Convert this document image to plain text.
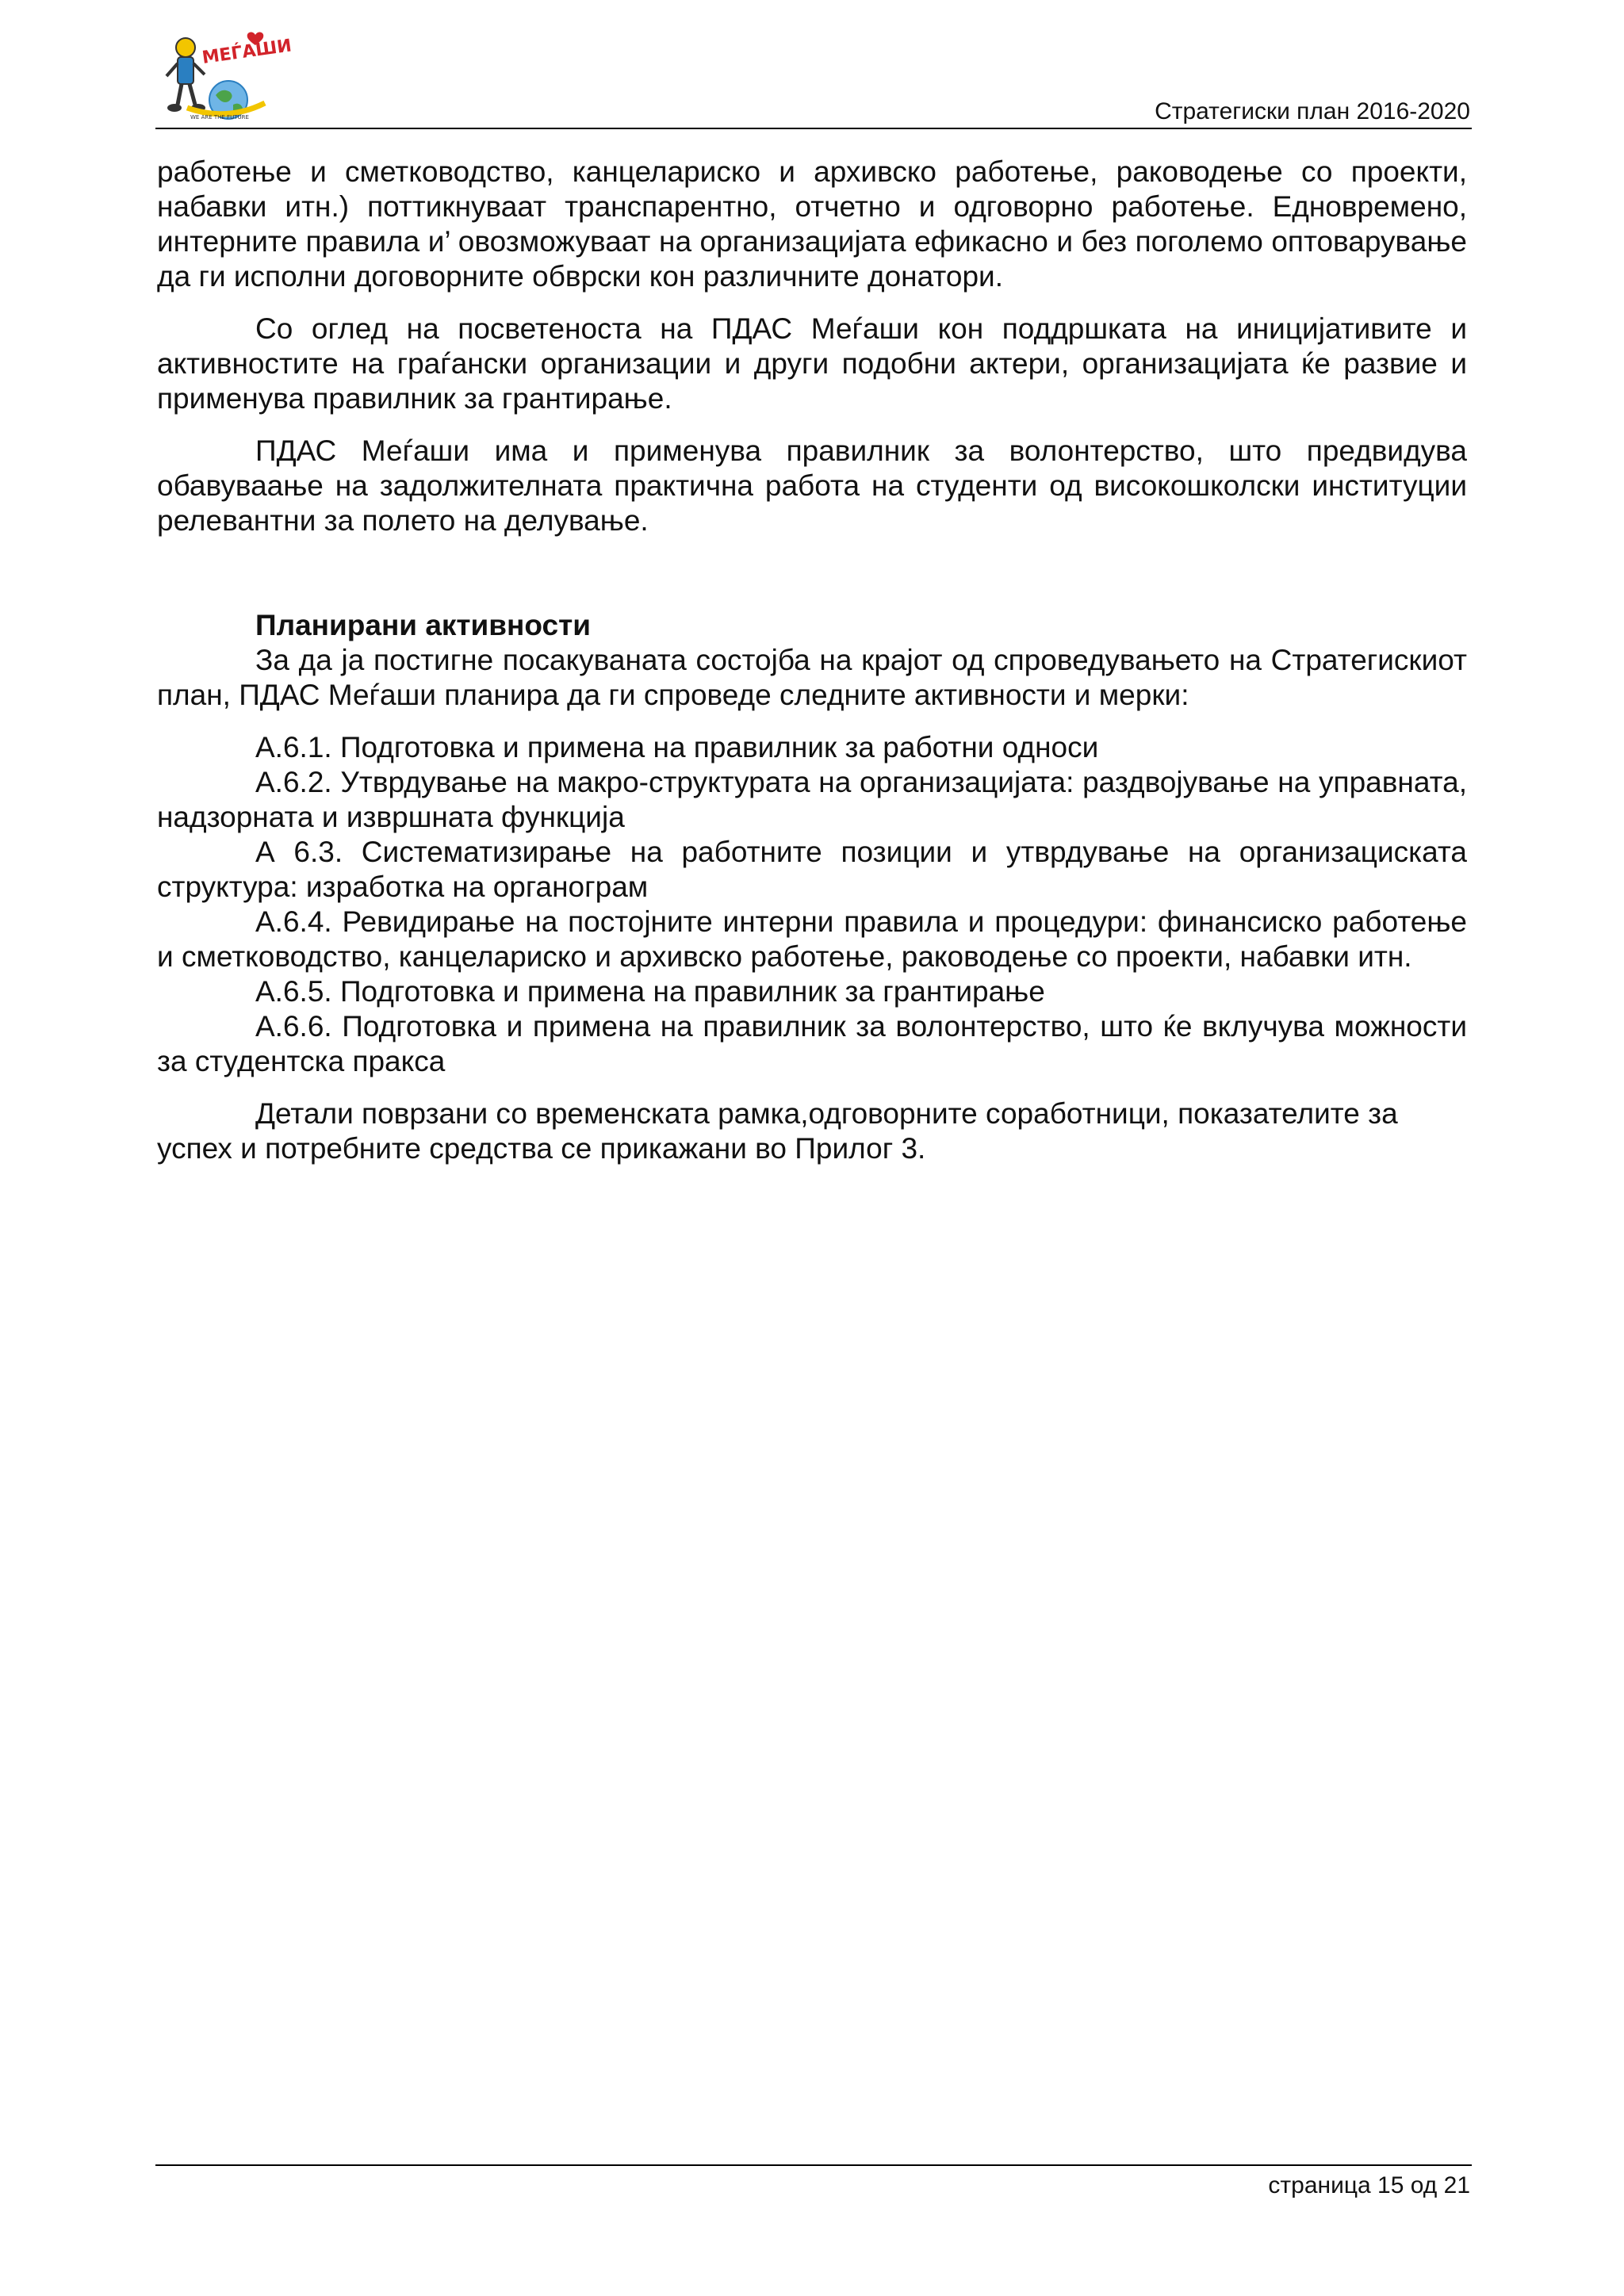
МЕЃАШИ
WE ARE THE FUTURE	Стратегиски план 2016-2020

работење и сметководство, канцелариско и архивско работење, раководење со проекти, набавки итн.) поттикнуваат транспарентно, отчетно и одговорно работење. Едновремено, интерните правила и’ овозможуваат на организацијата ефикасно и без поголемо оптоварување да ги исполни договорните обврски кон различните донатори.

Со оглед на посветеноста на ПДАС Меѓаши кон поддршката на иницијативите и активностите на граѓански организации и други подобни актери, организацијата ќе развие и применува правилник за грантирање.

ПДАС Меѓаши има и применува правилник за волонтерство, што предвидува обавуваање на задолжителната практична работа на студенти од високошколски институции релевантни за полето на делување.

Планирани активности

За да ја постигне посакуваната состојба на крајот од спроведувањето на Стратегискиот план, ПДАС Меѓаши планира да ги спроведе следните активности и мерки:

А.6.1. Подготовка и примена на правилник за работни односи

А.6.2. Утврдување на макро-структурата на организацијата: раздвојување на управната, надзорната и извршната функција

А 6.3. Систематизирање на работните позиции и утврдување на организациската структура: изработка на органограм

А.6.4. Ревидирање на постојните интерни правила и процедури: финансиско работење и сметководство, канцелариско и архивско работење, раководење со проекти, набавки итн.

А.6.5. Подготовка и примена на правилник за грантирање

А.6.6. Подготовка и примена на правилник за волонтерство, што ќе вклучува можности за студентска пракса

Детали поврзани со временската рамка,одговорните соработници, показателите за успех и потребните средства се прикажани во Прилог 3.

страница 15 од 21
